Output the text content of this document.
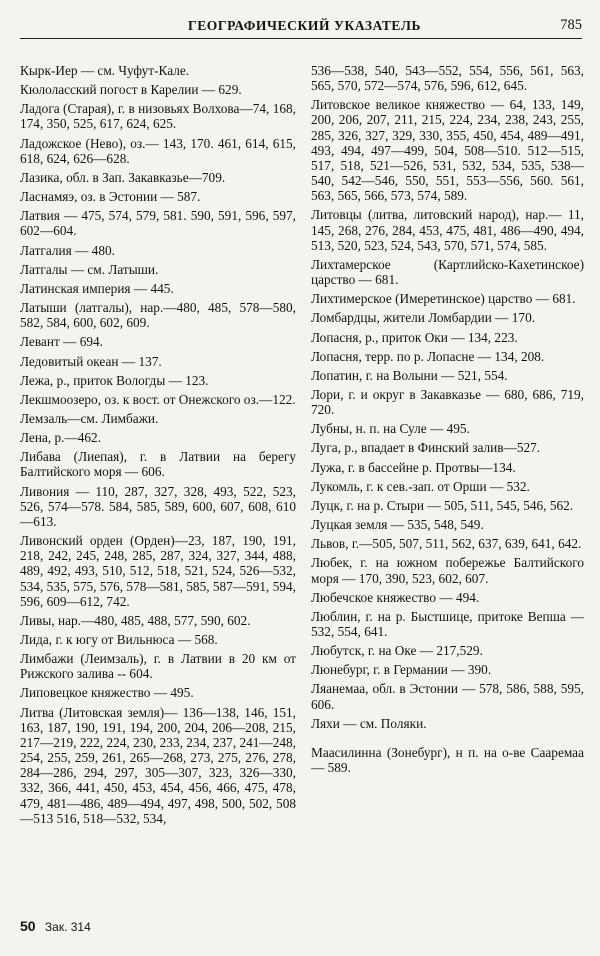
ГЕОГРАФИЧЕСКИЙ УКАЗАТЕЛЬ	785
Кырк-Иер — см. Чуфут-Кале.
Кюлоласский погост в Карелии — 629.
Ладога (Старая), г. в низовьях Волхова—74, 168, 174, 350, 525, 617, 624, 625.
Ладожское (Нево), оз.— 143, 170. 461, 614, 615, 618, 624, 626—628.
Лазика, обл. в Зап. Закавказье—709.
Ласнамяэ, оз. в Эстонии — 587.
Латвия — 475, 574, 579, 581. 590, 591, 596, 597, 602—604.
Латгалия — 480.
Латгалы — см. Латыши.
Латинская империя — 445.
Латыши (латгалы), нар.—480, 485, 578—580, 582, 584, 600, 602, 609.
Левант — 694.
Ледовитый океан — 137.
Лежа, р., приток Вологды — 123.
Лекшмоозеро, оз. к вост. от Онежского оз.—122.
Лемзаль—см. Лимбажи.
Лена, р.—462.
Либава (Лиепая), г. в Латвии на берегу Балтийского моря — 606.
Ливония — 110, 287, 327, 328, 493, 522, 523, 526, 574—578. 584, 585, 589, 600, 607, 608, 610—613.
Ливонский орден (Орден)—23, 187, 190, 191, 218, 242, 245, 248, 285, 287, 324, 327, 344, 488, 489, 492, 493, 510, 512, 518, 521, 524, 526—532, 534, 535, 575, 576, 578—581, 585, 587—591, 594, 596, 609—612, 742.
Ливы, нар.—480, 485, 488, 577, 590, 602.
Лида, г. к югу от Вильнюса — 568.
Лимбажи (Леимзаль), г. в Латвии в 20 км от Рижского залива -- 604.
Липовецкое княжество — 495.
Литва (Литовская земля)— 136—138, 146, 151, 163, 187, 190, 191, 194, 200, 204, 206—208, 215, 217—219, 222, 224, 230, 233, 234, 237, 241—248, 254, 255, 259, 261, 265—268, 273, 275, 276, 278, 284—286, 294, 297, 305—307, 323, 326—330, 332, 366, 441, 450, 453, 454, 456, 466, 475, 478, 479, 481—486, 489—494, 497, 498, 500, 502, 508—513 516, 518—532, 534,
536—538, 540, 543—552, 554, 556, 561, 563, 565, 570, 572—574, 576, 596, 612, 645.
Литовское великое княжество — 64, 133, 149, 200, 206, 207, 211, 215, 224, 234, 238, 243, 255, 285, 326, 327, 329, 330, 355, 450, 454, 489—491, 493, 494, 497—499, 504, 508—510. 512—515, 517, 518, 521—526, 531, 532, 534, 535, 538—540, 542—546, 550, 551, 553—556, 560. 561, 563, 565, 566, 573, 574, 589.
Литовцы (литва, литовский народ), нар.— 11, 145, 268, 276, 284, 453, 475, 481, 486—490, 494, 513, 520, 523, 524, 543, 570, 571, 574, 585.
Лихтамерское (Картлийско-Кахетинское) царство — 681.
Лихтимерское (Имеретинское) царство — 681.
Ломбардцы, жители Ломбардии — 170.
Лопасня, р., приток Оки — 134, 223.
Лопасня, терр. по р. Лопасне — 134, 208.
Лопатин, г. на Волыни — 521, 554.
Лори, г. и округ в Закавказье — 680, 686, 719, 720.
Лубны, н. п. на Суле — 495.
Луга, р., впадает в Финский залив—527.
Лужа, г. в бассейне р. Протвы—134.
Лукомль, г. к сев.-зап. от Орши — 532.
Луцк, г. на р. Стыри — 505, 511, 545, 546, 562.
Луцкая земля — 535, 548, 549.
Львов, г.—505, 507, 511, 562, 637, 639, 641, 642.
Любек, г. на южном побережье Балтийского моря — 170, 390, 523, 602, 607.
Любечское княжество — 494.
Люблин, г. на р. Быстшице, притоке Вепша — 532, 554, 641.
Любутск, г. на Оке — 217,529.
Люнебург, г. в Германии — 390.
Ляанемаа, обл. в Эстонии — 578, 586, 588, 595, 606.
Ляхи — см. Поляки.
Маасилинна (Зонебург), н п. на о-ве Сааремаа — 589.
50 Зак. 314
